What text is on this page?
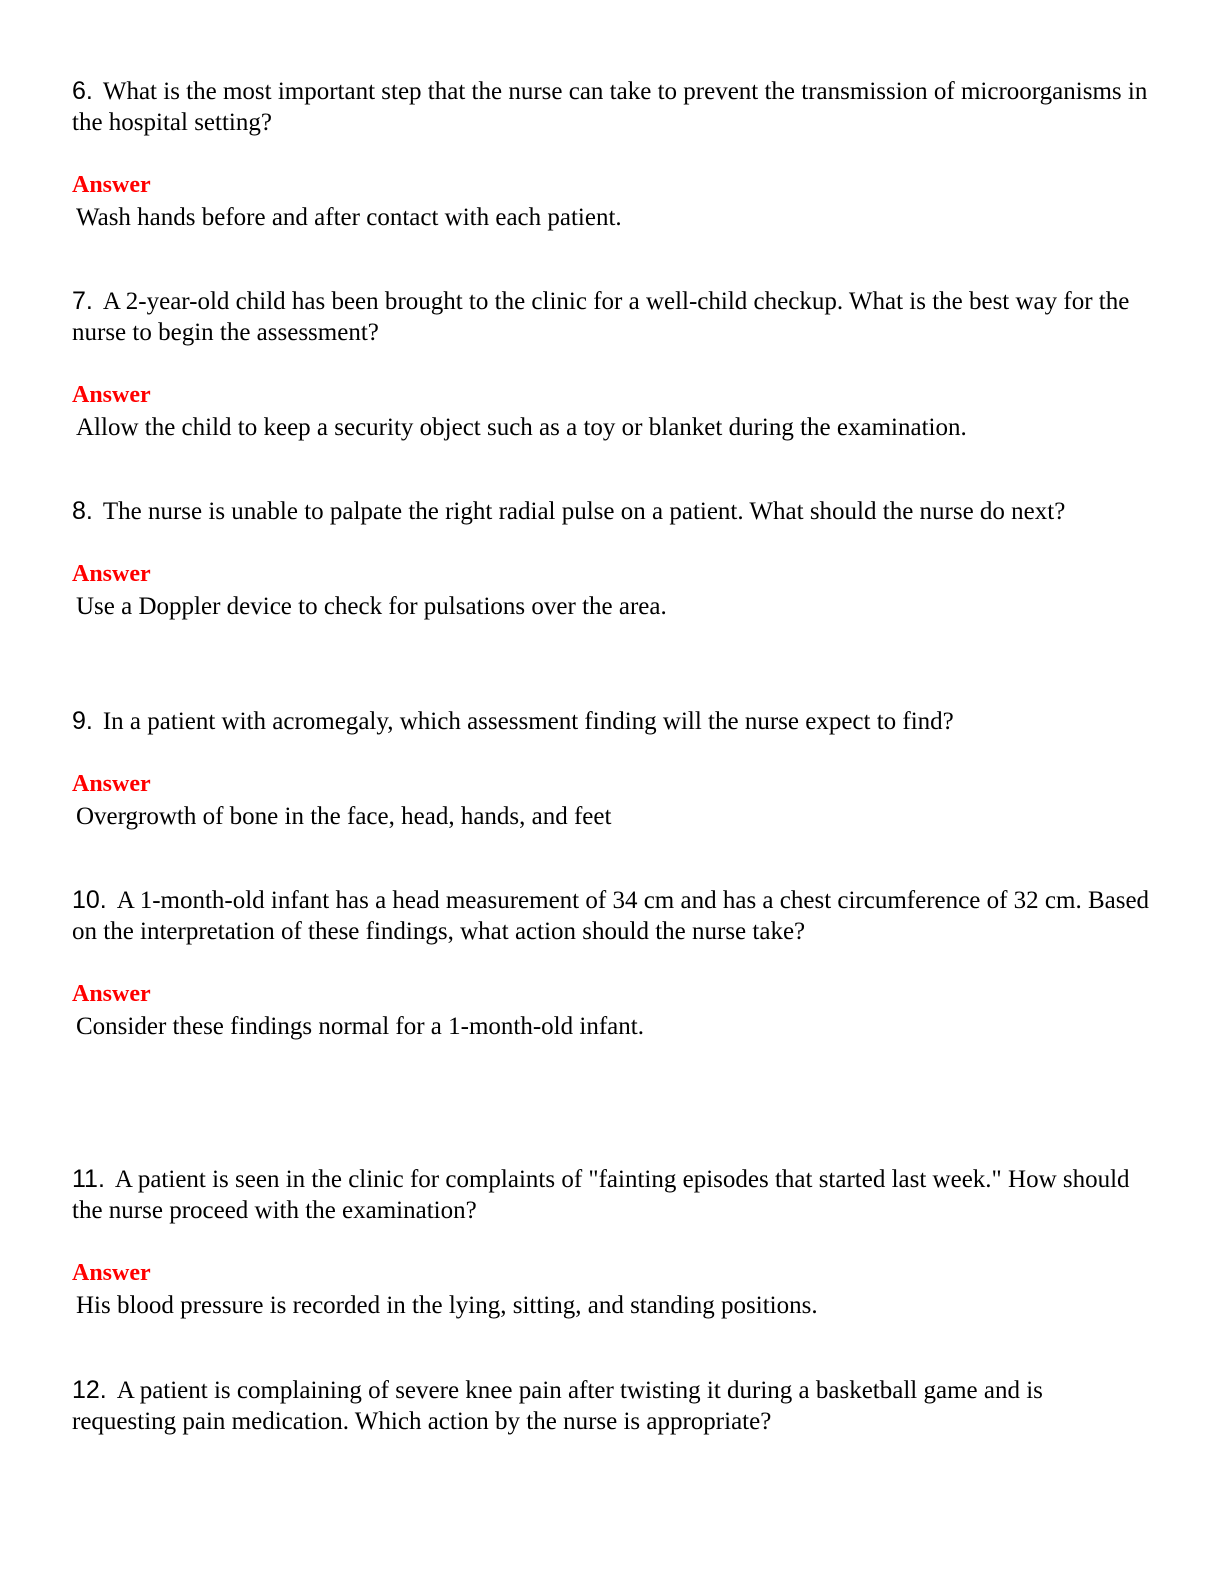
6. What is the most important step that the nurse can take to prevent the transmission of microorganisms in the hospital setting?

Answer

Wash hands before and after contact with each patient.

7. A 2-year-old child has been brought to the clinic for a well-child checkup. What is the best way for the nurse to begin the assessment?

Answer

Allow the child to keep a security object such as a toy or blanket during the examination.

8. The nurse is unable to palpate the right radial pulse on a patient. What should the nurse do next?

Answer

Use a Doppler device to check for pulsations over the area.

9. In a patient with acromegaly, which assessment finding will the nurse expect to find?

Answer

Overgrowth of bone in the face, head, hands, and feet

10. A 1-month-old infant has a head measurement of 34 cm and has a chest circumference of 32 cm. Based on the interpretation of these findings, what action should the nurse take?

Answer

Consider these findings normal for a 1-month-old infant.

11. A patient is seen in the clinic for complaints of "fainting episodes that started last week." How should the nurse proceed with the examination?

Answer

His blood pressure is recorded in the lying, sitting, and standing positions.

12. A patient is complaining of severe knee pain after twisting it during a basketball game and is requesting pain medication. Which action by the nurse is appropriate?
